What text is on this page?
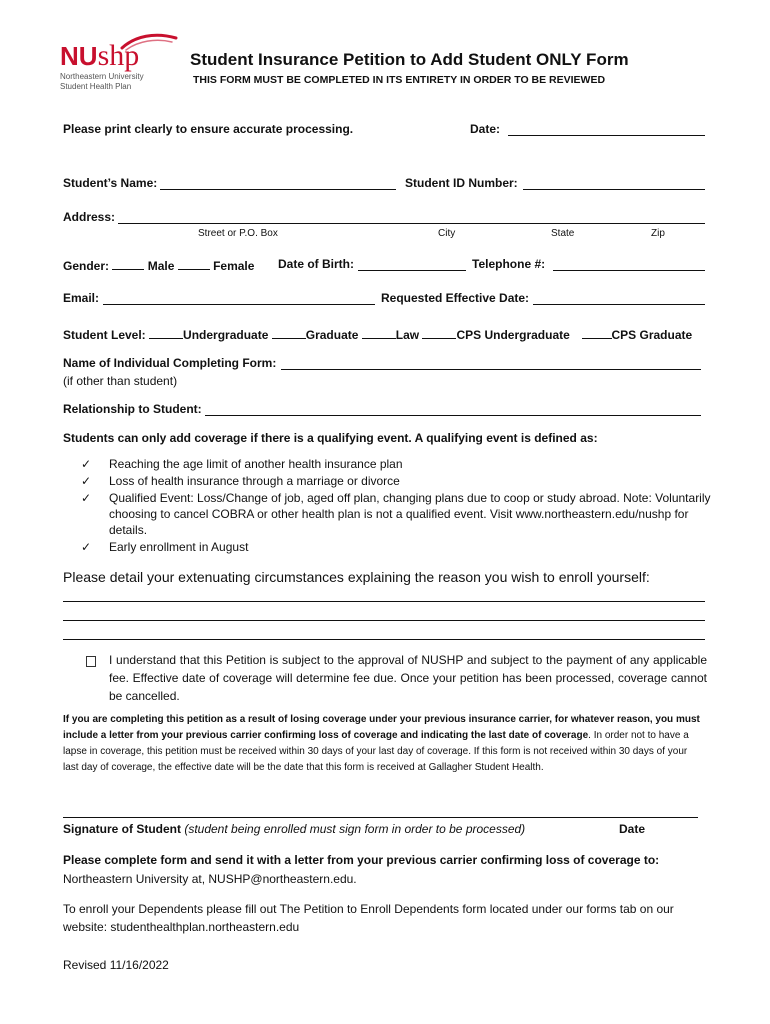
NUshp
Northeastern University
Student Health Plan
Student Insurance Petition to Add Student ONLY Form
THIS FORM MUST BE COMPLETED IN ITS ENTIRETY IN ORDER TO BE REVIEWED
Please print clearly to ensure accurate processing.	Date:
Student’s Name:	Student ID Number:
Address:
Street or P.O. Box	City	State	Zip
Gender:	Male	Female Date of Birth:	Telephone #:
Email:	Requested Effective Date:
Student Level:	Undergraduate	Graduate	Law	CPS Undergraduate	CPS Graduate
Name of Individual Completing Form:
(if other than student)
Relationship to Student:
Students can only add coverage if there is a qualifying event. A qualifying event is defined as:
✓	Reaching the age limit of another health insurance plan
✓	Loss of health insurance through a marriage or divorce
✓	Qualified Event: Loss/Change of job, aged off plan, changing plans due to coop or study abroad. Note: Voluntarily choosing to cancel COBRA or other health plan is not a qualified event. Visit www.northeastern.edu/nushp for details.
✓	Early enrollment in August
Please detail your extenuating circumstances explaining the reason you wish to enroll yourself:
I understand that this Petition is subject to the approval of NUSHP and subject to the payment of any applicable fee. Effective date of coverage will determine fee due. Once your petition has been processed, coverage cannot be cancelled.
If you are completing this petition as a result of losing coverage under your previous insurance carrier, for whatever reason, you must include a letter from your previous carrier confirming loss of coverage and indicating the last date of coverage. In order not to have a lapse in coverage, this petition must be received within 30 days of your last day of coverage. If this form is not received within 30 days of your last day of coverage, the effective date will be the date that this form is received at Gallagher Student Health.
Signature of Student (student being enrolled must sign form in order to be processed)	Date
Please complete form and send it with a letter from your previous carrier confirming loss of coverage to:
Northeastern University at, NUSHP@northeastern.edu.
To enroll your Dependents please fill out The Petition to Enroll Dependents form located under our forms tab on our website: studenthealthplan.northeastern.edu
Revised 11/16/2022
